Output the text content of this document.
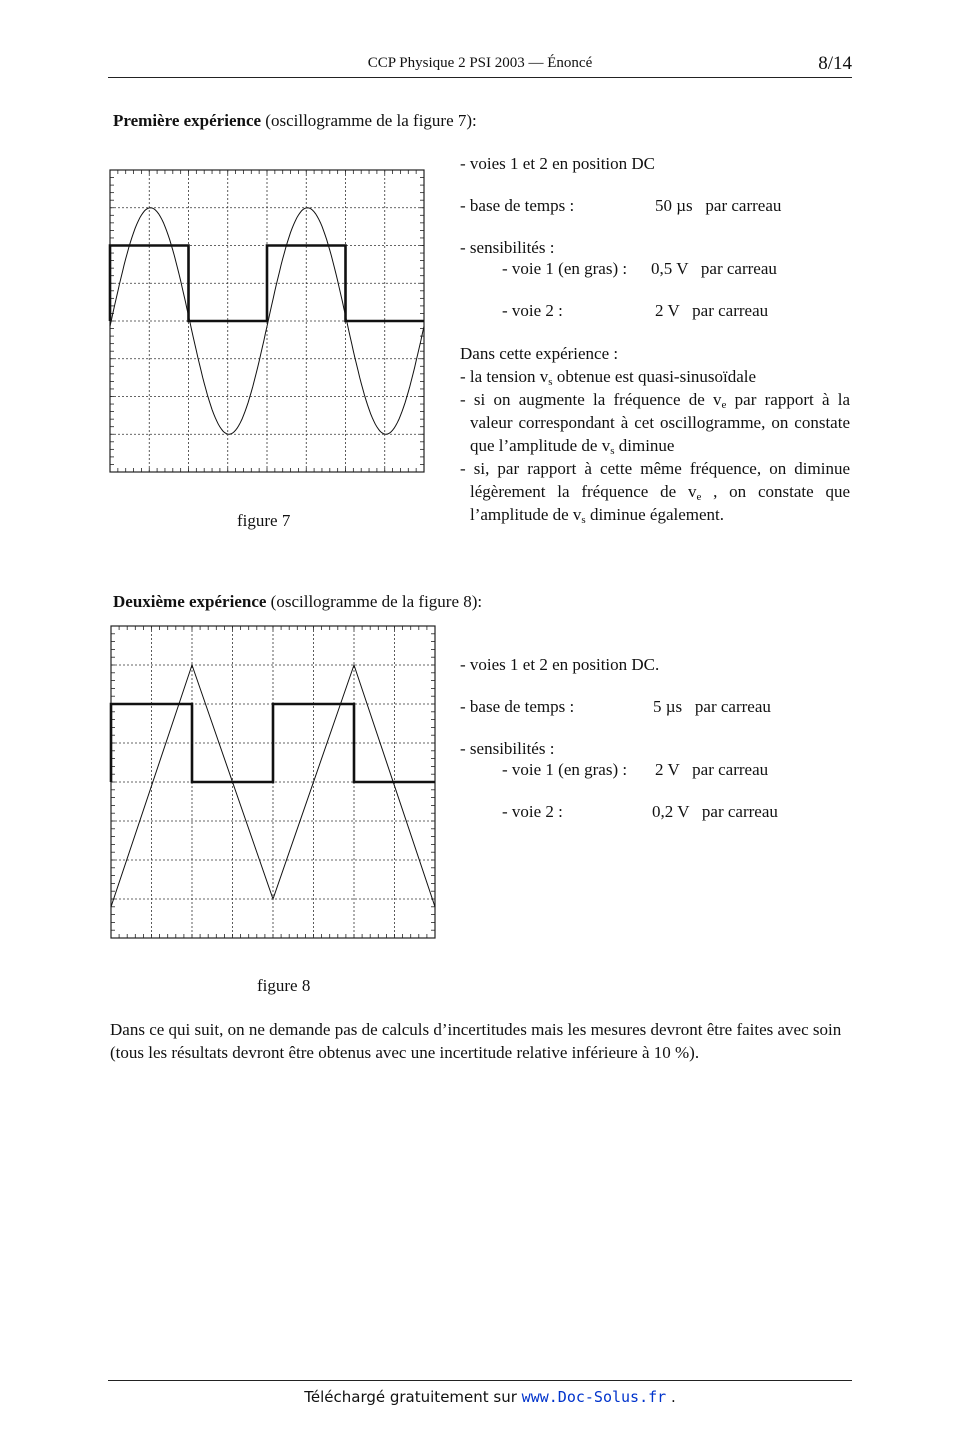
CCP Physique 2 PSI 2003 — Énoncé	8/14
Première expérience (oscillogramme de la figure 7):
figure 7
- voies 1 et 2 en position DC
- base de temps :	50 µs   par carreau
- sensibilités :
- voie 1 (en gras) : 0,5 V   par carreau
- voie 2 :	2 V   par carreau

Dans cette expérience :

- la tension $v_s$ obtenue est quasi-sinusoïdale

- si on augmente la fréquence de $v_e$ par rapport à la valeur correspondant à cet oscillogramme, on constate que l’amplitude de $v_s$ diminue

- si, par rapport à cette même fréquence, on diminue légèrement la fréquence de $v_e$ , on constate que l’amplitude de $v_s$ diminue également.

Deuxième expérience (oscillogramme de la figure 8):
figure 8
- voies 1 et 2 en position DC.
- base de temps :	5 µs   par carreau
- sensibilités :
- voie 1 (en gras) : 2 V   par carreau
- voie 2 :	0,2 V   par carreau
Dans ce qui suit, on ne demande pas de calculs d’incertitudes mais les mesures devront être faites avec soin (tous les résultats devront être obtenus avec une incertitude relative inférieure à 10 %).
Téléchargé gratuitement sur www.Doc-Solus.fr .
